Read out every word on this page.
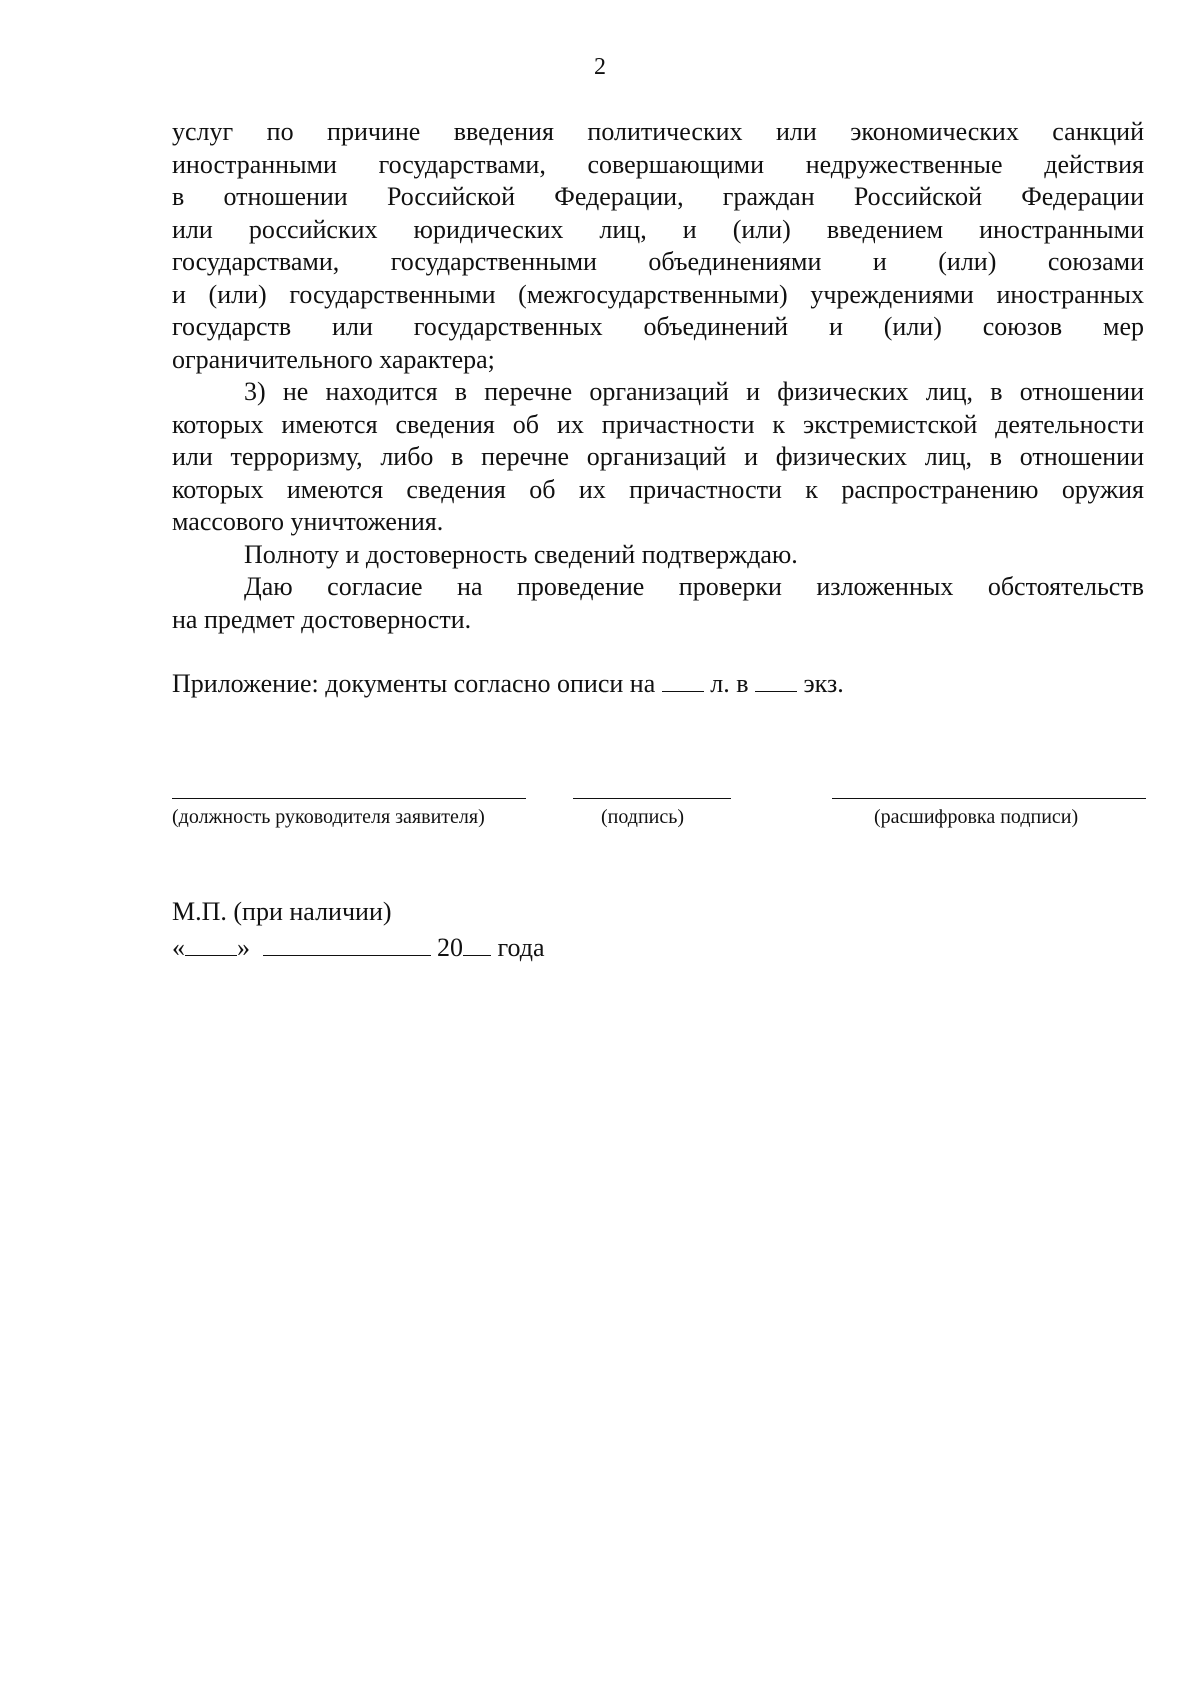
2

услуг по причине введения политических или экономических санкций
иностранными государствами, совершающими недружественные действия
в отношении Российской Федерации, граждан Российской Федерации
или российских юридических лиц, и (или) введением иностранными
государствами, государственными объединениями и (или) союзами
и (или) государственными (межгосударственными) учреждениями иностранных
государств или государственных объединений и (или) союзов мер
ограничительного характера;

3) не находится в перечне организаций и физических лиц, в отношении
которых имеются сведения об их причастности к экстремистской деятельности
или терроризму, либо в перечне организаций и физических лиц, в отношении
которых имеются сведения об их причастности к распространению оружия
массового уничтожения.

Полноту и достоверность сведений подтверждаю.

Даю согласие на проведение проверки изложенных обстоятельств
на предмет достоверности.

Приложение: документы согласно описи на л. в экз.
(должность руководителя заявителя)	(подпись)	(расшифровка подписи)
М.П. (при наличии)
« »	20 года
